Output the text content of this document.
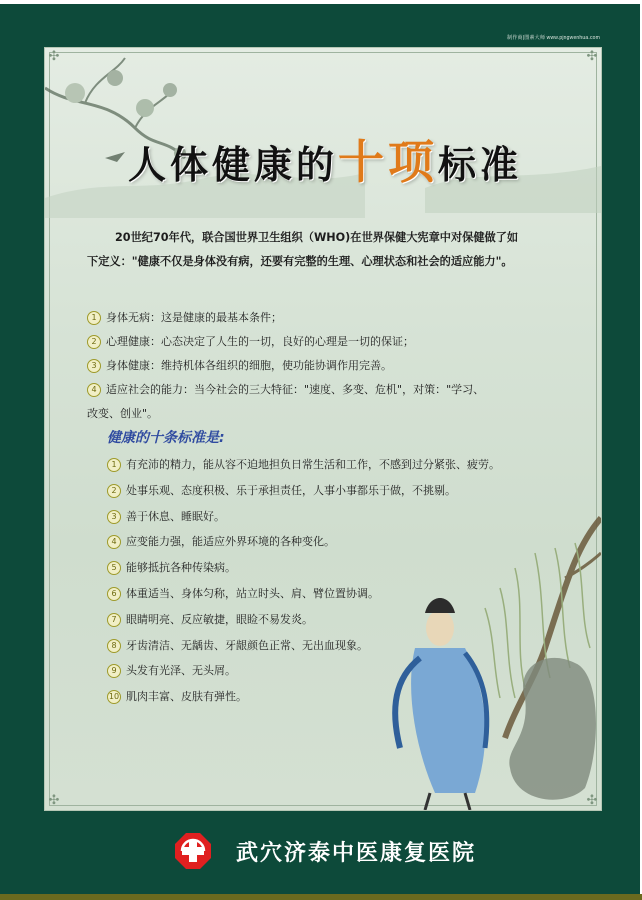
制作商|图素大师 www.pjngwenhua.com
✣	✣
✣	✣
人体健康的十项标准
20世纪70年代，联合国世界卫生组织（WHO)在世界保健大宪章中对保健做了如
下定义："健康不仅是身体没有病，还要有完整的生理、心理状态和社会的适应能力"。
1 身体无病：这是健康的最基本条件；
2 心理健康：心态决定了人生的一切，良好的心理是一切的保证；
3 身体健康：维持机体各组织的细胞，使功能协调作用完善。
4 适应社会的能力：当今社会的三大特征："速度、多变、危机"，对策："学习、
改变、创业"。
健康的十条标准是:
1 有充沛的精力，能从容不迫地担负日常生活和工作，不感到过分紧张、疲劳。
2 处事乐观、态度积极、乐于承担责任，人事小事都乐于做，不挑剔。
3 善于休息、睡眠好。
4 应变能力强，能适应外界环境的各种变化。
5 能够抵抗各种传染病。
6 体重适当、身体匀称，站立时头、肩、臂位置协调。
7 眼睛明亮、反应敏捷，眼睑不易发炎。
8 牙齿清洁、无龋齿、牙龈颜色正常、无出血现象。
9 头发有光泽、无头屑。
10 肌肉丰富、皮肤有弹性。
武穴济泰中医康复医院
